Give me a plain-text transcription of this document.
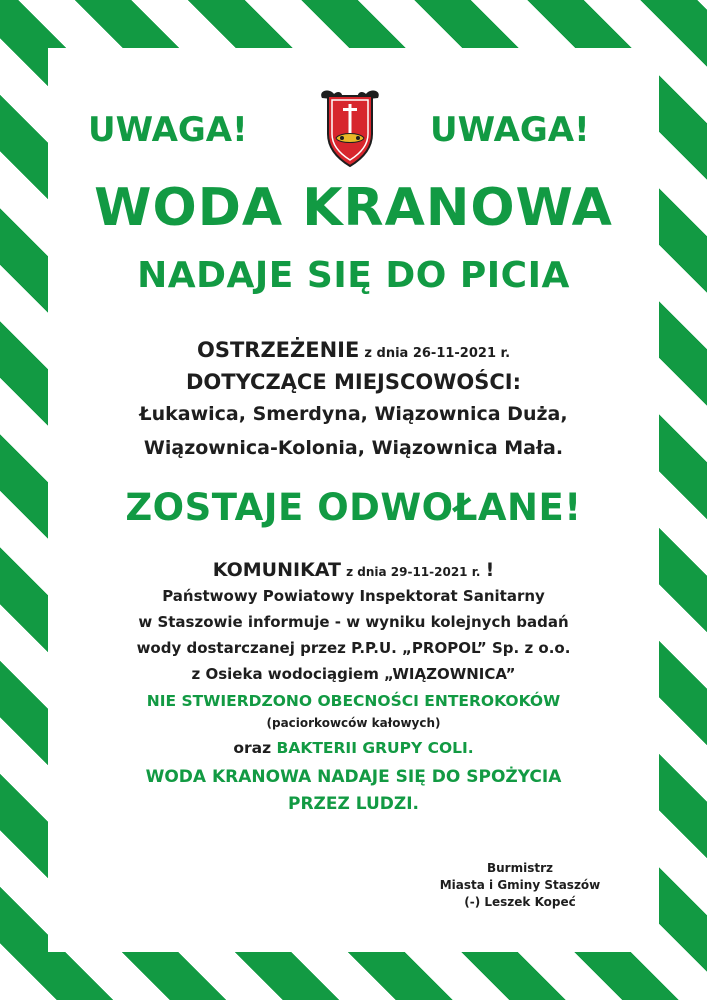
UWAGA!	UWAGA!

WODA KRANOWA

NADAJE SIĘ DO PICIA

OSTRZEŻENIE z dnia 26-11-2021 r.

DOTYCZĄCE MIEJSCOWOŚCI:

Łukawica, Smerdyna, Wiązownica Duża,

Wiązownica-Kolonia, Wiązownica Mała.

ZOSTAJE ODWOŁANE!

KOMUNIKAT z dnia 29-11-2021 r. !

Państwowy Powiatowy Inspektorat Sanitarny

w Staszowie informuje - w wyniku kolejnych badań

wody dostarczanej przez P.P.U. „PROPOL” Sp. z o.o.

z Osieka wodociągiem „WIĄZOWNICA”

NIE STWIERDZONO OBECNOŚCI ENTEROKOKÓW

(paciorkowców kałowych)

oraz BAKTERII GRUPY COLI.

WODA KRANOWA NADAJE SIĘ DO SPOŻYCIA

PRZEZ LUDZI.

Burmistrz

Miasta i Gminy Staszów

(-) Leszek Kopeć
